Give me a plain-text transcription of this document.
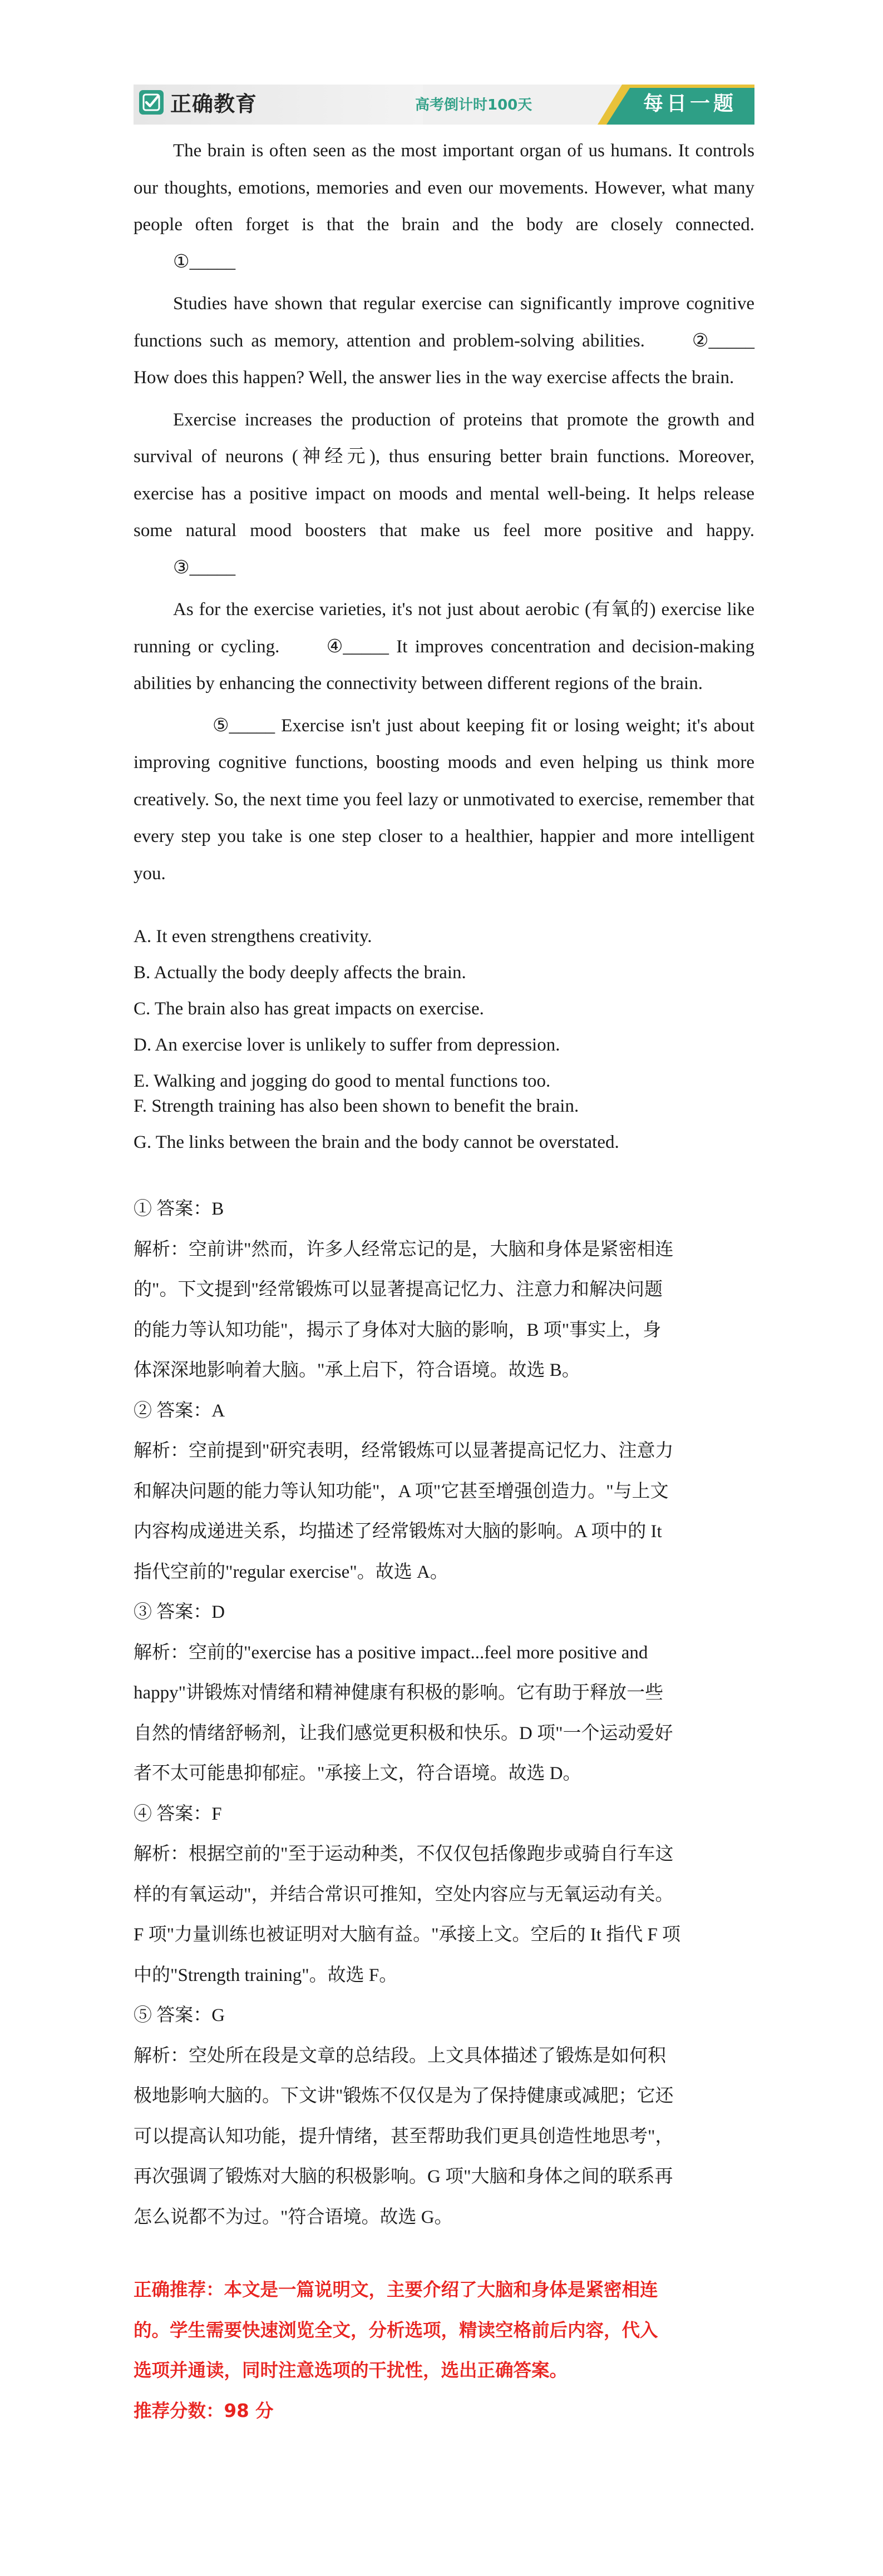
正确教育	高考倒计时100天	每日一题

The brain is often seen as the most important organ of us humans. It controls our thoughts, emotions, memories and even our movements. However, what many people often forget is that the brain and the body are closely connected. ①_____

Studies have shown that regular exercise can significantly improve cognitive functions such as memory, attention and problem-solving abilities. ②_____ How does this happen? Well, the answer lies in the way exercise affects the brain.

Exercise increases the production of proteins that promote the growth and survival of neurons (神经元), thus ensuring better brain functions. Moreover, exercise has a positive impact on moods and mental well-being. It helps release some natural mood boosters that make us feel more positive and happy. ③_____

As for the exercise varieties, it's not just about aerobic (有氧的) exercise like running or cycling. ④_____ It improves concentration and decision-making abilities by enhancing the connectivity between different regions of the brain.

⑤_____ Exercise isn't just about keeping fit or losing weight; it's about improving cognitive functions, boosting moods and even helping us think more creatively. So, the next time you feel lazy or unmotivated to exercise, remember that every step you take is one step closer to a healthier, happier and more intelligent you.

A. It even strengthens creativity.

B. Actually the body deeply affects the brain.

C. The brain also has great impacts on exercise.

D. An exercise lover is unlikely to suffer from depression.

E. Walking and jogging do good to mental functions too.

F. Strength training has also been shown to benefit the brain.

G. The links between the brain and the body cannot be overstated.

① 答案：B

解析：空前讲"然而，许多人经常忘记的是，大脑和身体是紧密相连

的"。下文提到"经常锻炼可以显著提高记忆力、注意力和解决问题

的能力等认知功能"，揭示了身体对大脑的影响，B 项"事实上，身

体深深地影响着大脑。"承上启下，符合语境。故选 B。

② 答案：A

解析：空前提到"研究表明，经常锻炼可以显著提高记忆力、注意力

和解决问题的能力等认知功能"，A 项"它甚至增强创造力。"与上文

内容构成递进关系，均描述了经常锻炼对大脑的影响。A 项中的 It

指代空前的"regular exercise"。故选 A。

③ 答案：D

解析：空前的"exercise has a positive impact...feel more positive and

happy"讲锻炼对情绪和精神健康有积极的影响。它有助于释放一些

自然的情绪舒畅剂，让我们感觉更积极和快乐。D 项"一个运动爱好

者不太可能患抑郁症。"承接上文，符合语境。故选 D。

④ 答案：F

解析：根据空前的"至于运动种类，不仅仅包括像跑步或骑自行车这

样的有氧运动"，并结合常识可推知，空处内容应与无氧运动有关。

F 项"力量训练也被证明对大脑有益。"承接上文。空后的 It 指代 F 项

中的"Strength training"。故选 F。

⑤ 答案：G

解析：空处所在段是文章的总结段。上文具体描述了锻炼是如何积

极地影响大脑的。下文讲"锻炼不仅仅是为了保持健康或减肥；它还

可以提高认知功能，提升情绪，甚至帮助我们更具创造性地思考"，

再次强调了锻炼对大脑的积极影响。G 项"大脑和身体之间的联系再

怎么说都不为过。"符合语境。故选 G。

正确推荐：本文是一篇说明文，主要介绍了大脑和身体是紧密相连

的。学生需要快速浏览全文，分析选项，精读空格前后内容，代入

选项并通读，同时注意选项的干扰性，选出正确答案。

推荐分数：98 分
